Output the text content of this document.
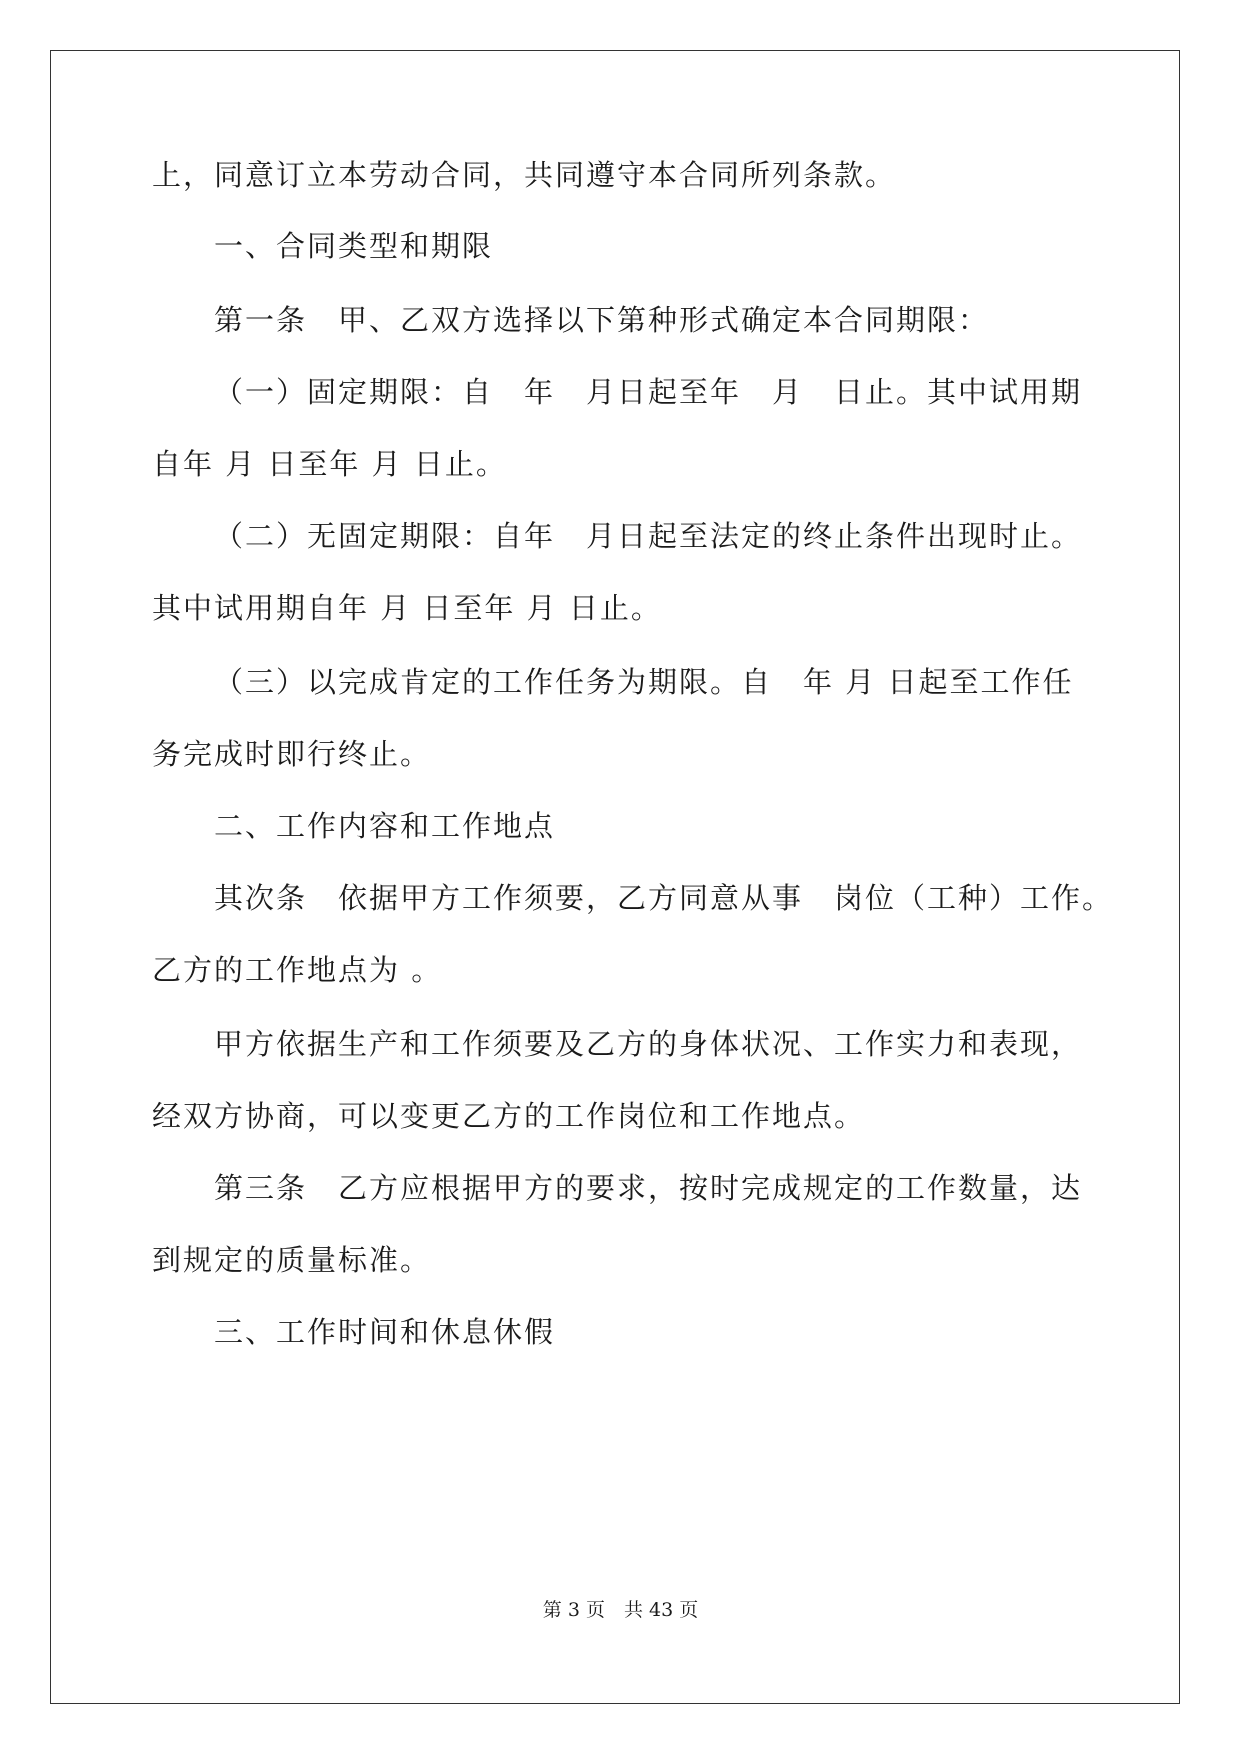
上，同意订立本劳动合同，共同遵守本合同所列条款。
一、合同类型和期限
第一条　甲、乙双方选择以下第种形式确定本合同期限：
（一）固定期限：自　年　月日起至年　月　日止。其中试用期
自年 月 日至年 月 日止。
（二）无固定期限：自年　月日起至法定的终止条件出现时止。
其中试用期自年 月 日至年 月 日止。
（三）以完成肯定的工作任务为期限。自　年 月 日起至工作任
务完成时即行终止。
二、工作内容和工作地点
其次条　依据甲方工作须要，乙方同意从事　岗位（工种）工作。
乙方的工作地点为 。
甲方依据生产和工作须要及乙方的身体状况、工作实力和表现，
经双方协商，可以变更乙方的工作岗位和工作地点。
第三条　乙方应根据甲方的要求，按时完成规定的工作数量，达
到规定的质量标准。
三、工作时间和休息休假
第 3 页　共 43 页
